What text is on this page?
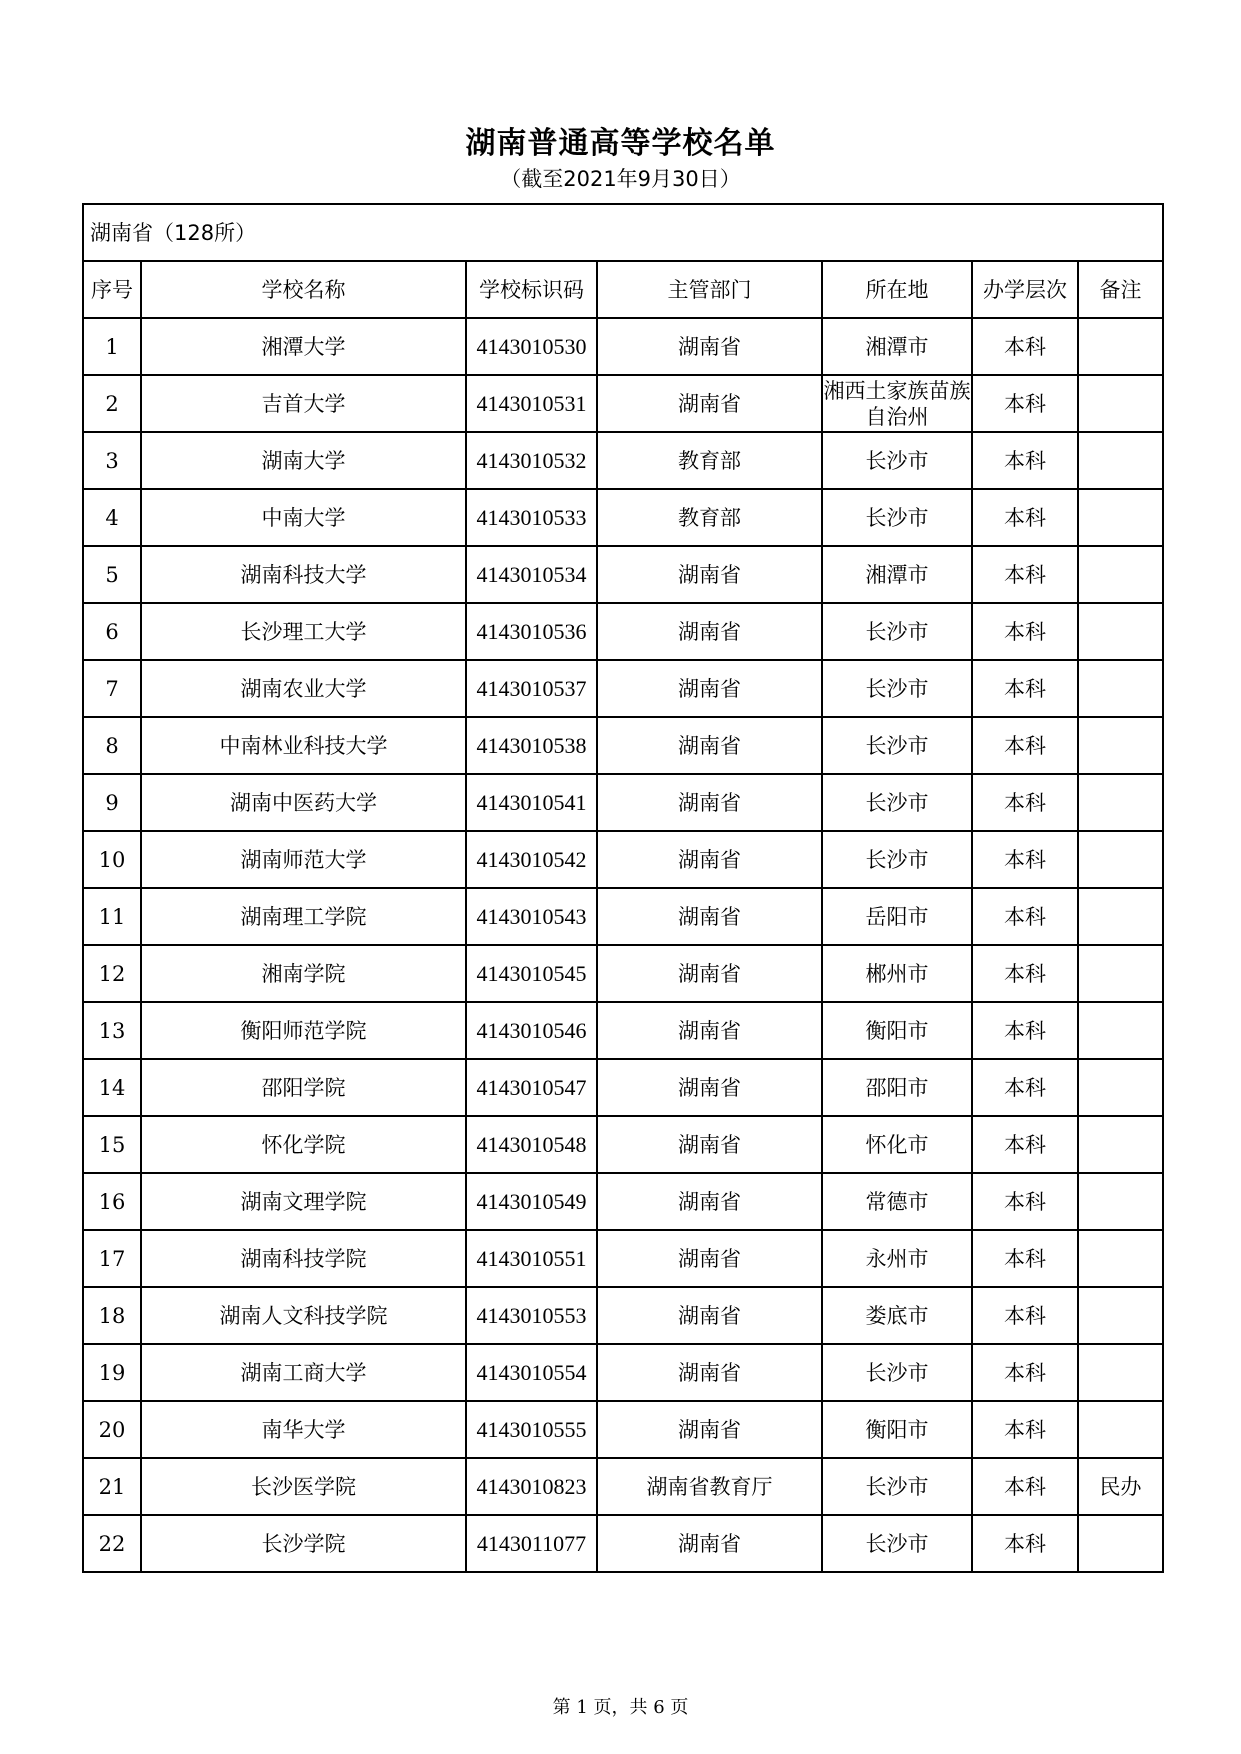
湖南普通高等学校名单
（截至2021年9月30日）
湖南省（128所）						
序号	学校名称	学校标识码	主管部门	所在地	办学层次	备注
1	湘潭大学	4143010530	湖南省	湘潭市	本科	
2	吉首大学	4143010531	湖南省	湘西土家族苗族自治州	本科	
3	湖南大学	4143010532	教育部	长沙市	本科	
4	中南大学	4143010533	教育部	长沙市	本科	
5	湖南科技大学	4143010534	湖南省	湘潭市	本科	
6	长沙理工大学	4143010536	湖南省	长沙市	本科	
7	湖南农业大学	4143010537	湖南省	长沙市	本科	
8	中南林业科技大学	4143010538	湖南省	长沙市	本科	
9	湖南中医药大学	4143010541	湖南省	长沙市	本科	
10	湖南师范大学	4143010542	湖南省	长沙市	本科	
11	湖南理工学院	4143010543	湖南省	岳阳市	本科	
12	湘南学院	4143010545	湖南省	郴州市	本科	
13	衡阳师范学院	4143010546	湖南省	衡阳市	本科	
14	邵阳学院	4143010547	湖南省	邵阳市	本科	
15	怀化学院	4143010548	湖南省	怀化市	本科	
16	湖南文理学院	4143010549	湖南省	常德市	本科	
17	湖南科技学院	4143010551	湖南省	永州市	本科	
18	湖南人文科技学院	4143010553	湖南省	娄底市	本科	
19	湖南工商大学	4143010554	湖南省	长沙市	本科	
20	南华大学	4143010555	湖南省	衡阳市	本科	
21	长沙医学院	4143010823	湖南省教育厅	长沙市	本科	民办
22	长沙学院	4143011077	湖南省	长沙市	本科	
第 1 页，共 6 页
